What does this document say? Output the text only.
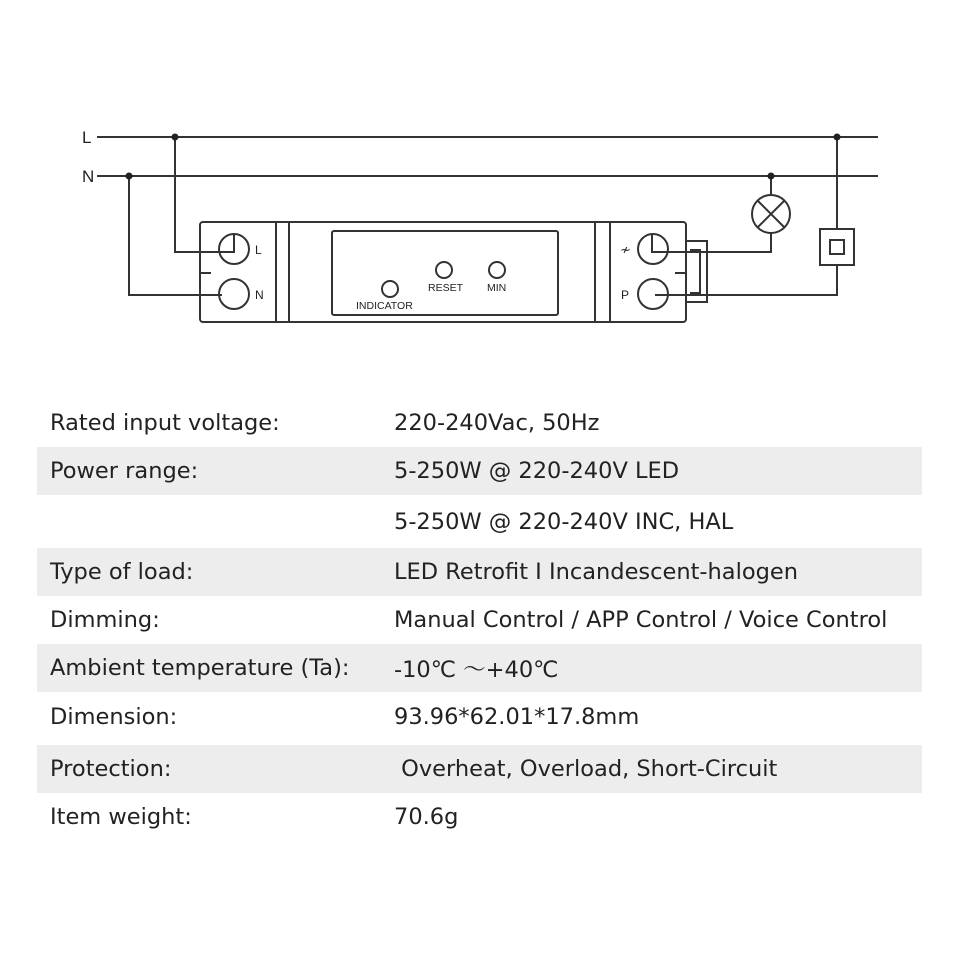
L
N
L
N
≁
P
INDICATOR
RESET MIN
Rated input voltage:	220-240Vac, 50Hz
Power range:	5-250W @ 220-240V LED
5-250W @ 220-240V INC, HAL
Type of load:	LED Retrofit I Incandescent-halogen
Dimming:	Manual Control / APP Control / Voice Control
Ambient temperature (Ta): -10℃ ～+40℃
Dimension:	93.96*62.01*17.8mm
Protection:	Overheat, Overload, Short-Circuit
Item weight:	70.6g
